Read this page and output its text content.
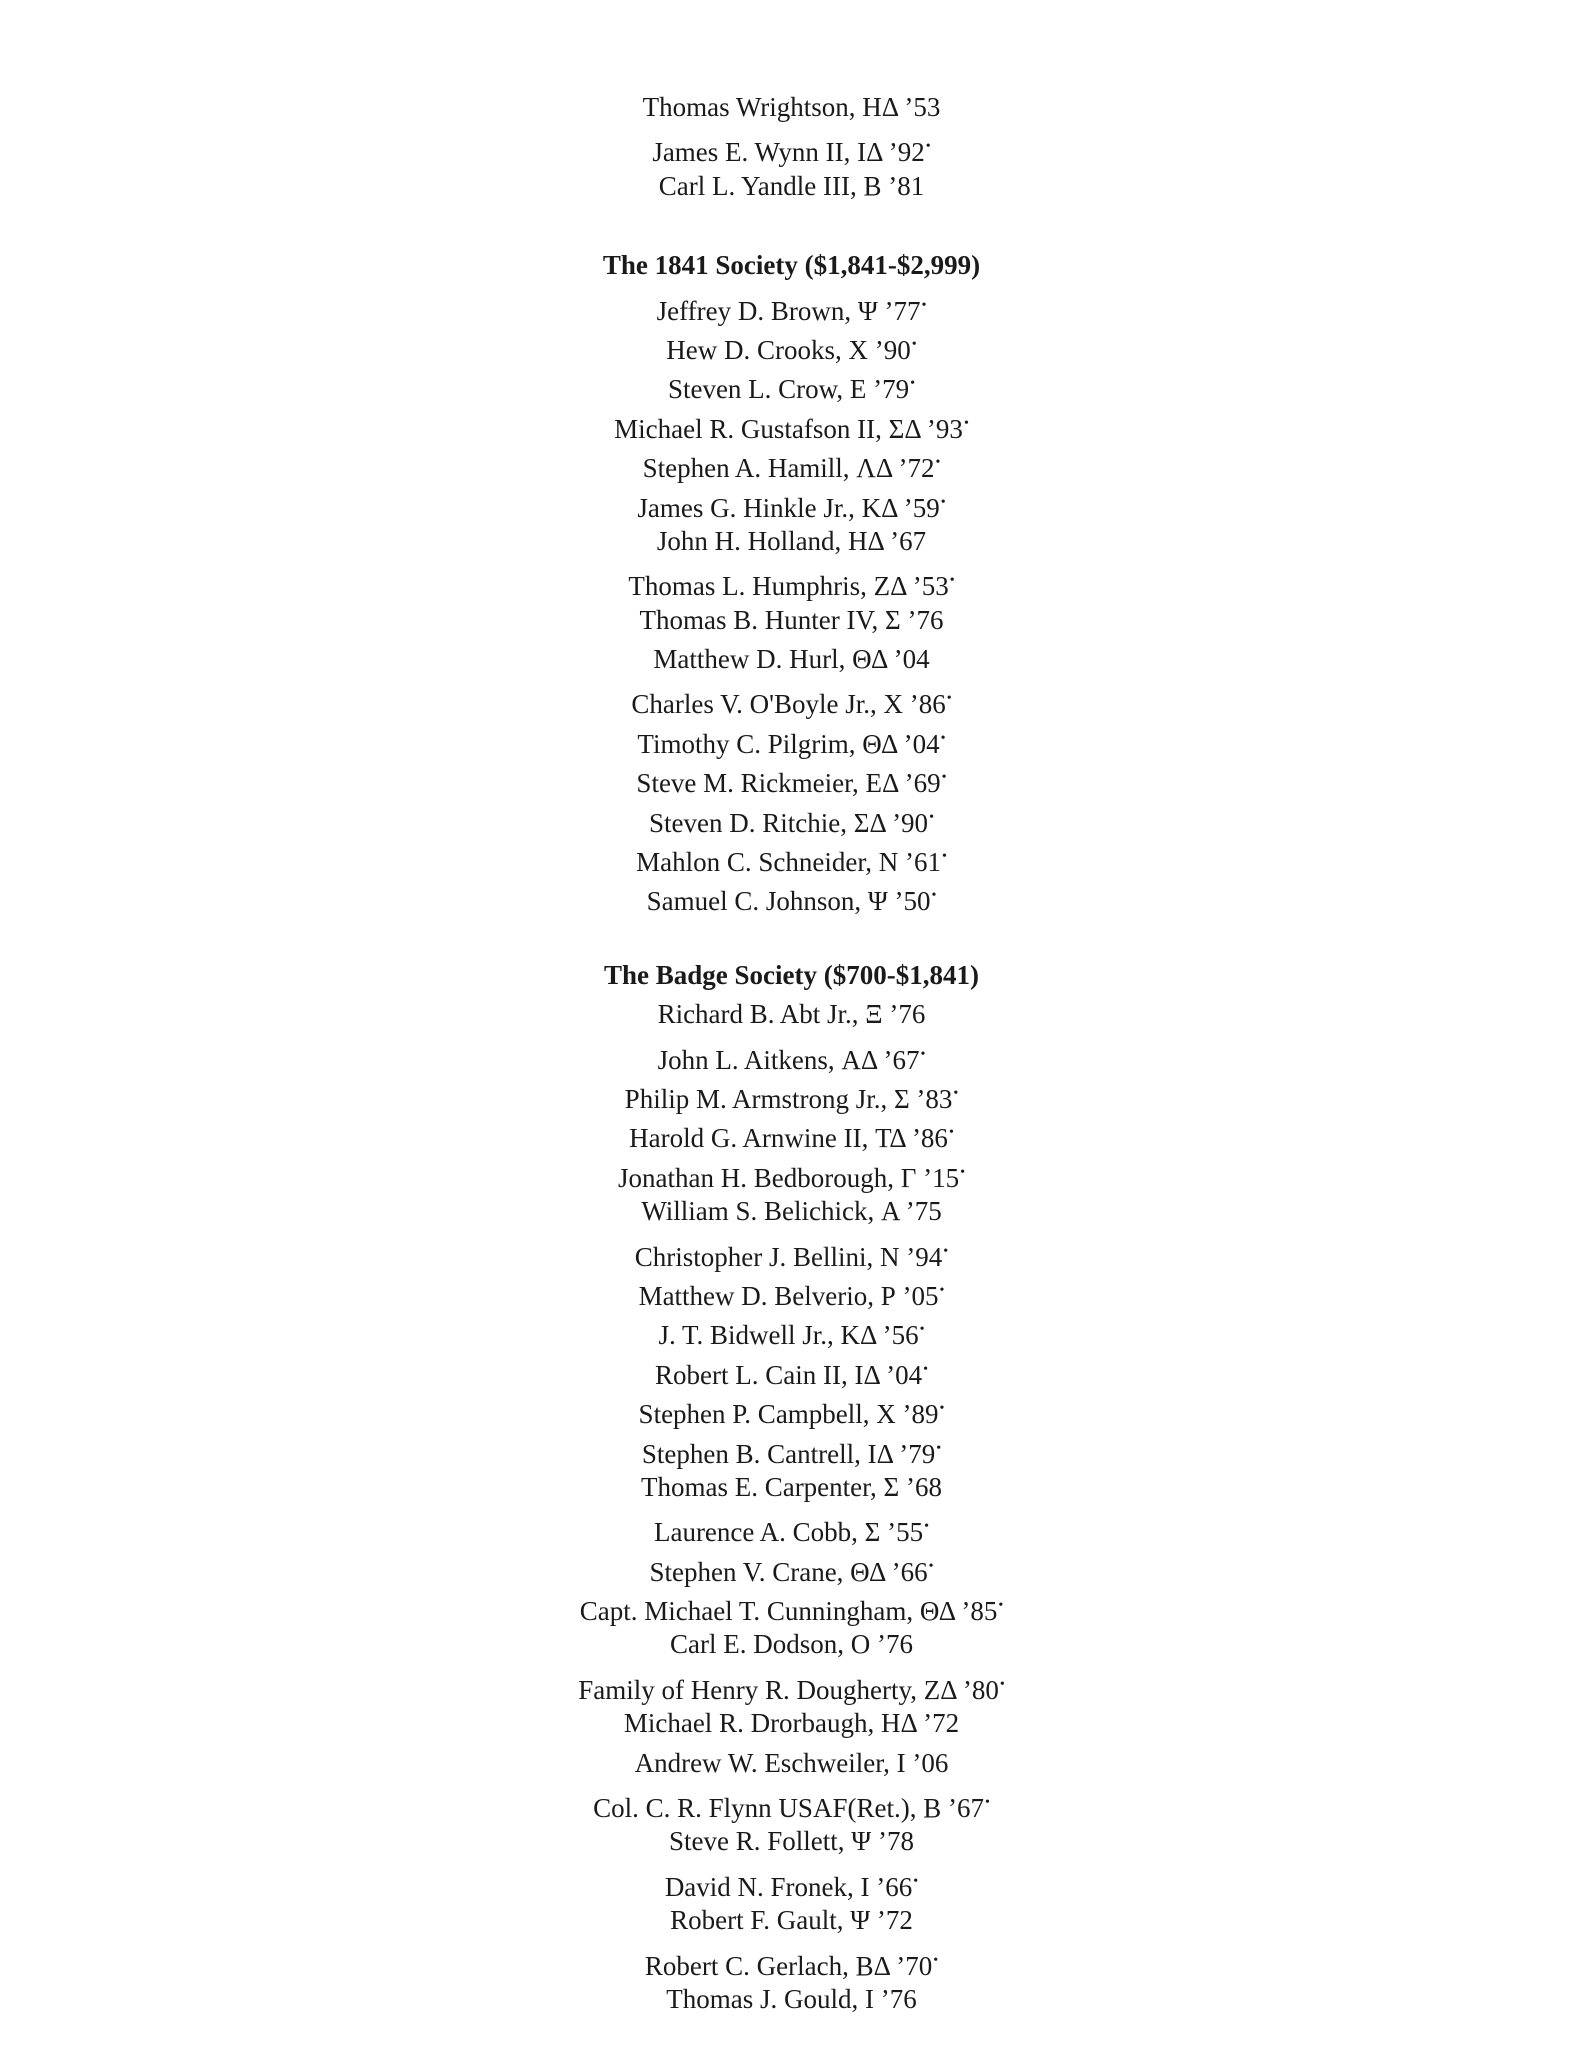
Thomas Wrightson, ΗΔ ’53
James E. Wynn II, ΙΔ ’92•
Carl L. Yandle III, Β ’81
The 1841 Society ($1,841-$2,999)
Jeffrey D. Brown, Ψ ’77•
Hew D. Crooks, Χ ’90•
Steven L. Crow, Ε ’79•
Michael R. Gustafson II, ΣΔ ’93•
Stephen A. Hamill, ΛΔ ’72•
James G. Hinkle Jr., ΚΔ ’59•
John H. Holland, ΗΔ ’67
Thomas L. Humphris, ΖΔ ’53•
Thomas B. Hunter IV, Σ ’76
Matthew D. Hurl, ΘΔ ’04
Charles V. O'Boyle Jr., Χ ’86•
Timothy C. Pilgrim, ΘΔ ’04•
Steve M. Rickmeier, ΕΔ ’69•
Steven D. Ritchie, ΣΔ ’90•
Mahlon C. Schneider, Ν ’61•
Samuel C. Johnson, Ψ ’50•
The Badge Society ($700-$1,841)
Richard B. Abt Jr., Ξ ’76
John L. Aitkens, ΑΔ ’67•
Philip M. Armstrong Jr., Σ ’83•
Harold G. Arnwine II, ΤΔ ’86•
Jonathan H. Bedborough, Γ ’15•
William S. Belichick, Α ’75
Christopher J. Bellini, Ν ’94•
Matthew D. Belverio, Ρ ’05•
J. T. Bidwell Jr., ΚΔ ’56•
Robert L. Cain II, ΙΔ ’04•
Stephen P. Campbell, Χ ’89•
Stephen B. Cantrell, ΙΔ ’79•
Thomas E. Carpenter, Σ ’68
Laurence A. Cobb, Σ ’55•
Stephen V. Crane, ΘΔ ’66•
Capt. Michael T. Cunningham, ΘΔ ’85•
Carl E. Dodson, Ο ’76
Family of Henry R. Dougherty, ΖΔ ’80•
Michael R. Drorbaugh, ΗΔ ’72
Andrew W. Eschweiler, Ι ’06
Col. C. R. Flynn USAF(Ret.), Β ’67•
Steve R. Follett, Ψ ’78
David N. Fronek, Ι ’66•
Robert F. Gault, Ψ ’72
Robert C. Gerlach, ΒΔ ’70•
Thomas J. Gould, Ι ’76
